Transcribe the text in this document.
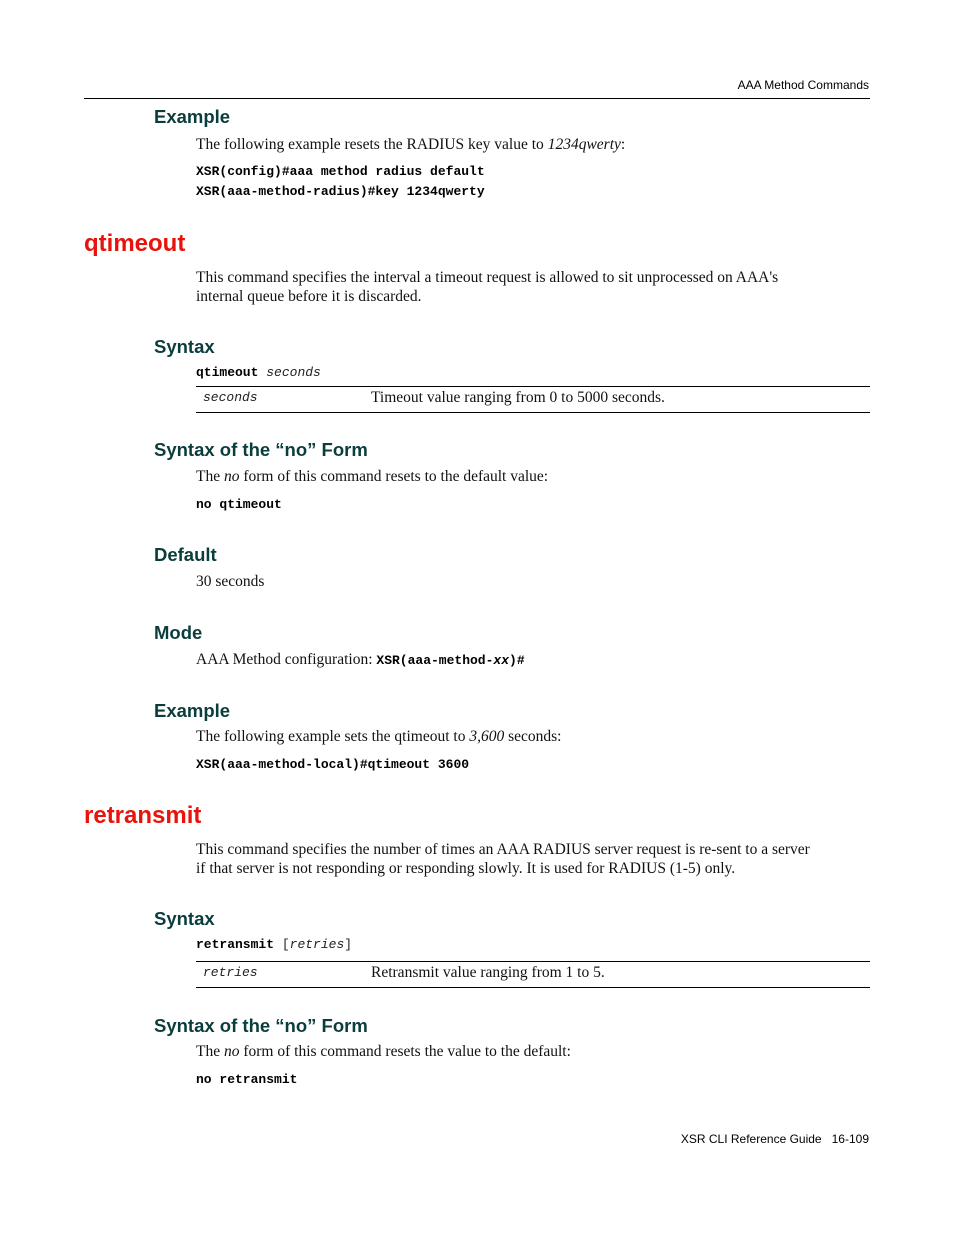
AAA Method Commands
Example
The following example resets the RADIUS key value to 1234qwerty:
XSR(config)#aaa method radius default
XSR(aaa-method-radius)#key 1234qwerty
qtimeout
This command specifies the interval a timeout request is allowed to sit unprocessed on AAA's
internal queue before it is discarded.
Syntax
qtimeout seconds
seconds	Timeout value ranging from 0 to 5000 seconds.
Syntax of the “no” Form
The no form of this command resets to the default value:
no qtimeout
Default
30 seconds
Mode
AAA Method configuration: XSR(aaa-method-xx)#
Example
The following example sets the qtimeout to 3,600 seconds:
XSR(aaa-method-local)#qtimeout 3600
retransmit
This command specifies the number of times an AAA RADIUS server request is re-sent to a server
if that server is not responding or responding slowly. It is used for RADIUS (1-5) only.
Syntax
retransmit [retries]
retries	Retransmit value ranging from 1 to 5.
Syntax of the “no” Form
The no form of this command resets the value to the default:
no retransmit
XSR CLI Reference Guide 16-109
